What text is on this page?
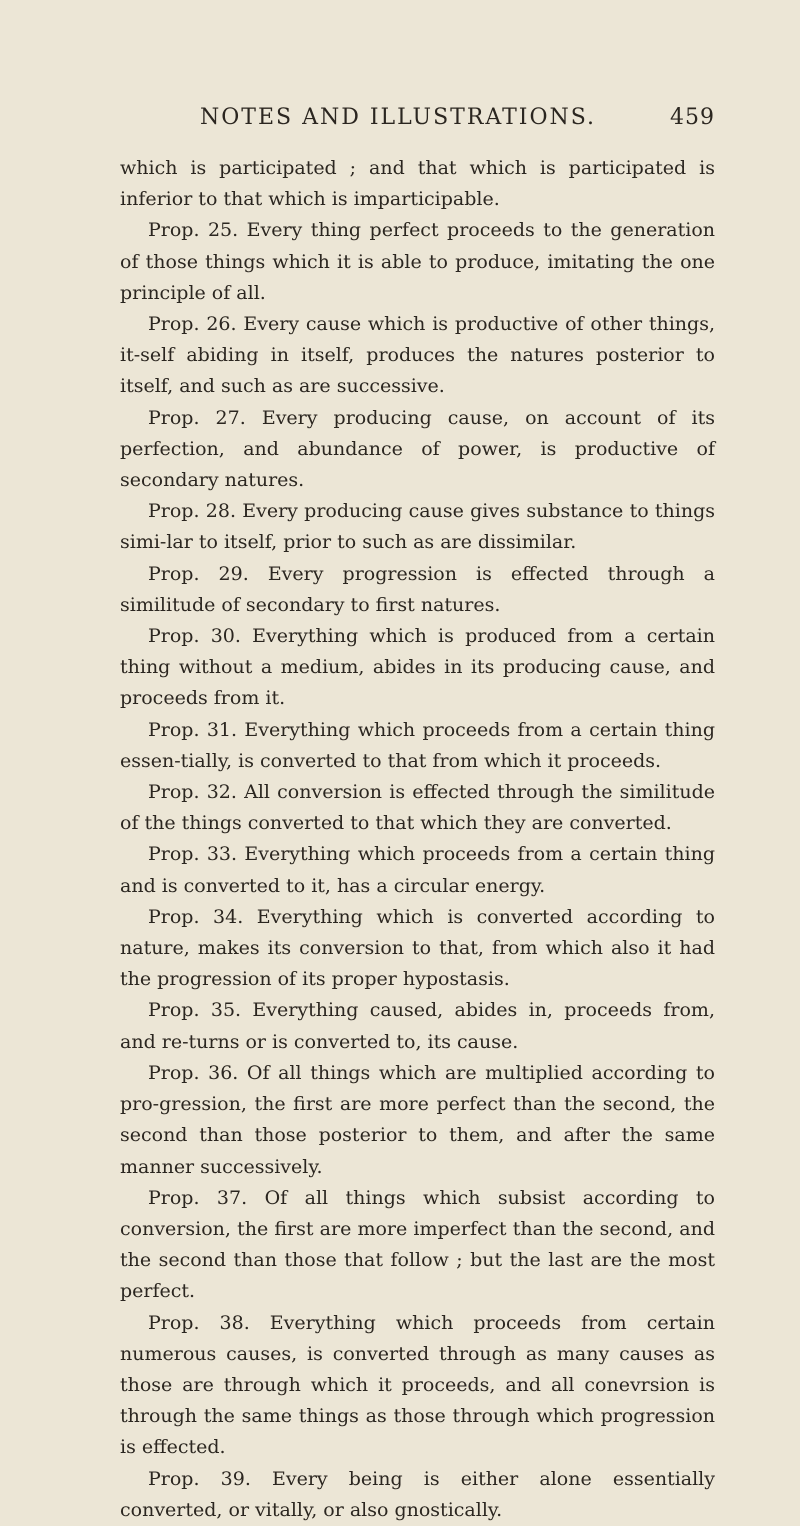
NOTES AND ILLUSTRATIONS.	459

which is participated ; and that which is participated is inferior to that which is imparticipable.

Prop. 25. Every thing perfect proceeds to the generation of those things which it is able to produce, imitating the one principle of all.

Prop. 26. Every cause which is productive of other things, it-self abiding in itself, produces the natures posterior to itself, and such as are successive.

Prop. 27. Every producing cause, on account of its perfection, and abundance of power, is productive of secondary natures.

Prop. 28. Every producing cause gives substance to things simi-lar to itself, prior to such as are dissimilar.

Prop. 29. Every progression is effected through a similitude of secondary to first natures.

Prop. 30. Everything which is produced from a certain thing without a medium, abides in its producing cause, and proceeds from it.

Prop. 31. Everything which proceeds from a certain thing essen-tially, is converted to that from which it proceeds.

Prop. 32. All conversion is effected through the similitude of the things converted to that which they are converted.

Prop. 33. Everything which proceeds from a certain thing and is converted to it, has a circular energy.

Prop. 34. Everything which is converted according to nature, makes its conversion to that, from which also it had the progression of its proper hypostasis.

Prop. 35. Everything caused, abides in, proceeds from, and re-turns or is converted to, its cause.

Prop. 36. Of all things which are multiplied according to pro-gression, the first are more perfect than the second, the second than those posterior to them, and after the same manner successively.

Prop. 37. Of all things which subsist according to conversion, the first are more imperfect than the second, and the second than those that follow ; but the last are the most perfect.

Prop. 38. Everything which proceeds from certain numerous causes, is converted through as many causes as those are through which it proceeds, and all conevrsion is through the same things as those through which progression is effected.

Prop. 39. Every being is either alone essentially converted, or vitally, or also gnostically.
